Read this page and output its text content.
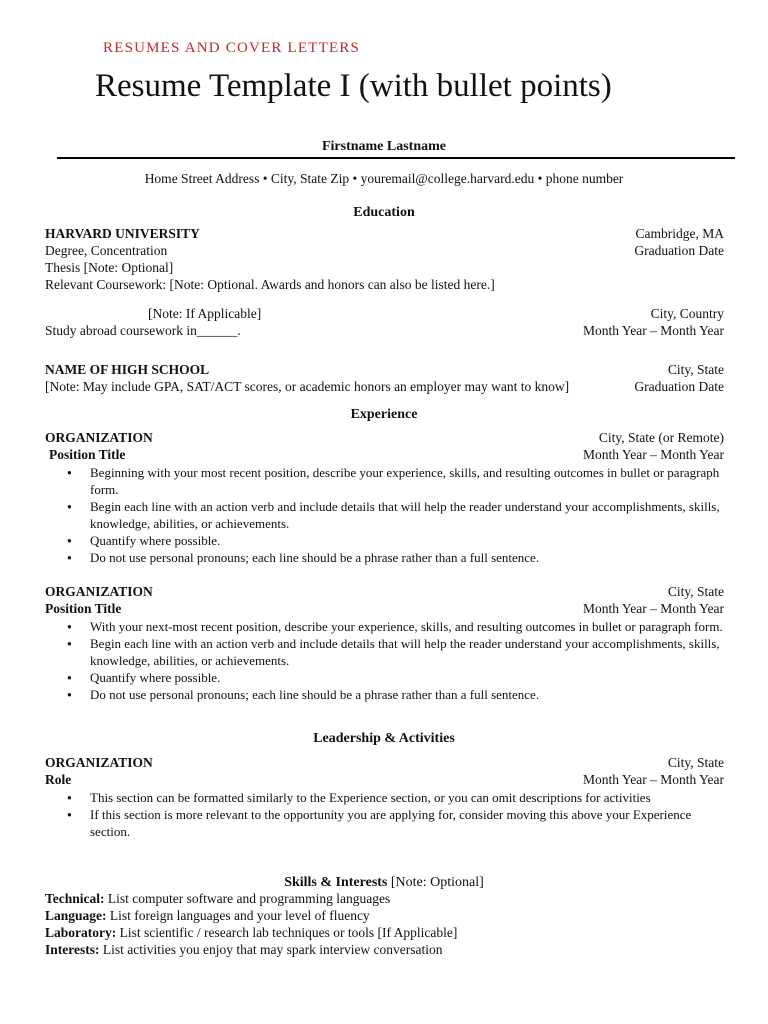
RESUMES AND COVER LETTERS
Resume Template I (with bullet points)
Firstname Lastname
Home Street Address • City, State Zip • youremail@college.harvard.edu • phone number
Education
HARVARD UNIVERSITY	Cambridge, MA
Degree, Concentration	Graduation Date
Thesis [Note: Optional]
Relevant Coursework: [Note: Optional. Awards and honors can also be listed here.]
[Note: If Applicable]	City, Country
Study abroad coursework in______.	Month Year – Month Year
NAME OF HIGH SCHOOL	City, State
[Note: May include GPA, SAT/ACT scores, or academic honors an employer may want to know]	Graduation Date
Experience
ORGANIZATION	City, State (or Remote)
Position Title	Month Year – Month Year
● Beginning with your most recent position, describe your experience, skills, and resulting outcomes in bullet or paragraph form.
● Begin each line with an action verb and include details that will help the reader understand your accomplishments, skills, knowledge, abilities, or achievements.
● Quantify where possible.
● Do not use personal pronouns; each line should be a phrase rather than a full sentence.
ORGANIZATION	City, State
Position Title	Month Year – Month Year
● With your next-most recent position, describe your experience, skills, and resulting outcomes in bullet or paragraph form.
● Begin each line with an action verb and include details that will help the reader understand your accomplishments, skills, knowledge, abilities, or achievements.
● Quantify where possible.
● Do not use personal pronouns; each line should be a phrase rather than a full sentence.
Leadership & Activities
ORGANIZATION	City, State
Role	Month Year – Month Year
● This section can be formatted similarly to the Experience section, or you can omit descriptions for activities
● If this section is more relevant to the opportunity you are applying for, consider moving this above your Experience section.
Skills & Interests [Note: Optional]
Technical: List computer software and programming languages
Language: List foreign languages and your level of fluency
Laboratory: List scientific / research lab techniques or tools [If Applicable]
Interests: List activities you enjoy that may spark interview conversation
